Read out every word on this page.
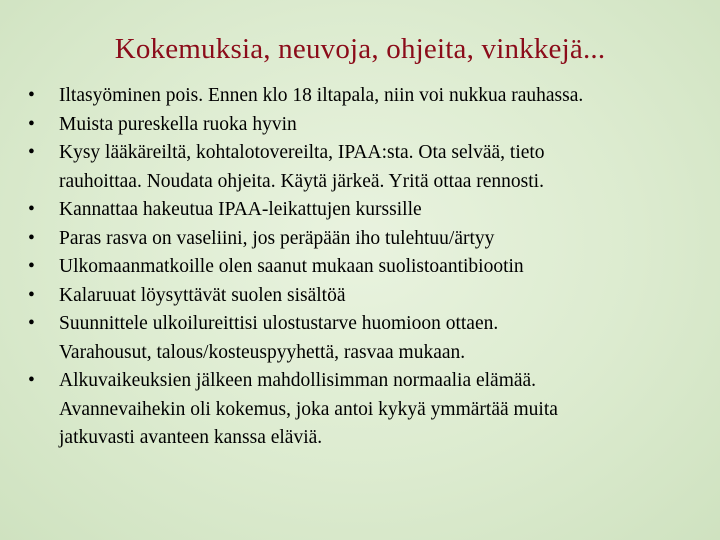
Kokemuksia, neuvoja, ohjeita, vinkkejä...
•	Iltasyöminen pois. Ennen klo 18 iltapala, niin voi nukkua rauhassa.
•	Muista pureskella ruoka hyvin
•	Kysy lääkäreiltä, kohtalotovereilta, IPAA:sta. Ota selvää, tieto
rauhoittaa. Noudata ohjeita. Käytä järkeä. Yritä ottaa rennosti.
•	Kannattaa hakeutua IPAA-leikattujen kurssille
•	Paras rasva on vaseliini, jos peräpään iho tulehtuu/ärtyy
•	Ulkomaanmatkoille olen saanut mukaan suolistoantibiootin
•	Kalaruuat löysyttävät suolen sisältöä
•	Suunnittele ulkoilureittisi ulostustarve huomioon ottaen.
Varahousut, talous/kosteuspyyhettä, rasvaa mukaan.
•	Alkuvaikeuksien jälkeen mahdollisimman normaalia elämää.
Avannevaihekin oli kokemus, joka antoi kykyä ymmärtää muita
jatkuvasti avanteen kanssa eläviä.
